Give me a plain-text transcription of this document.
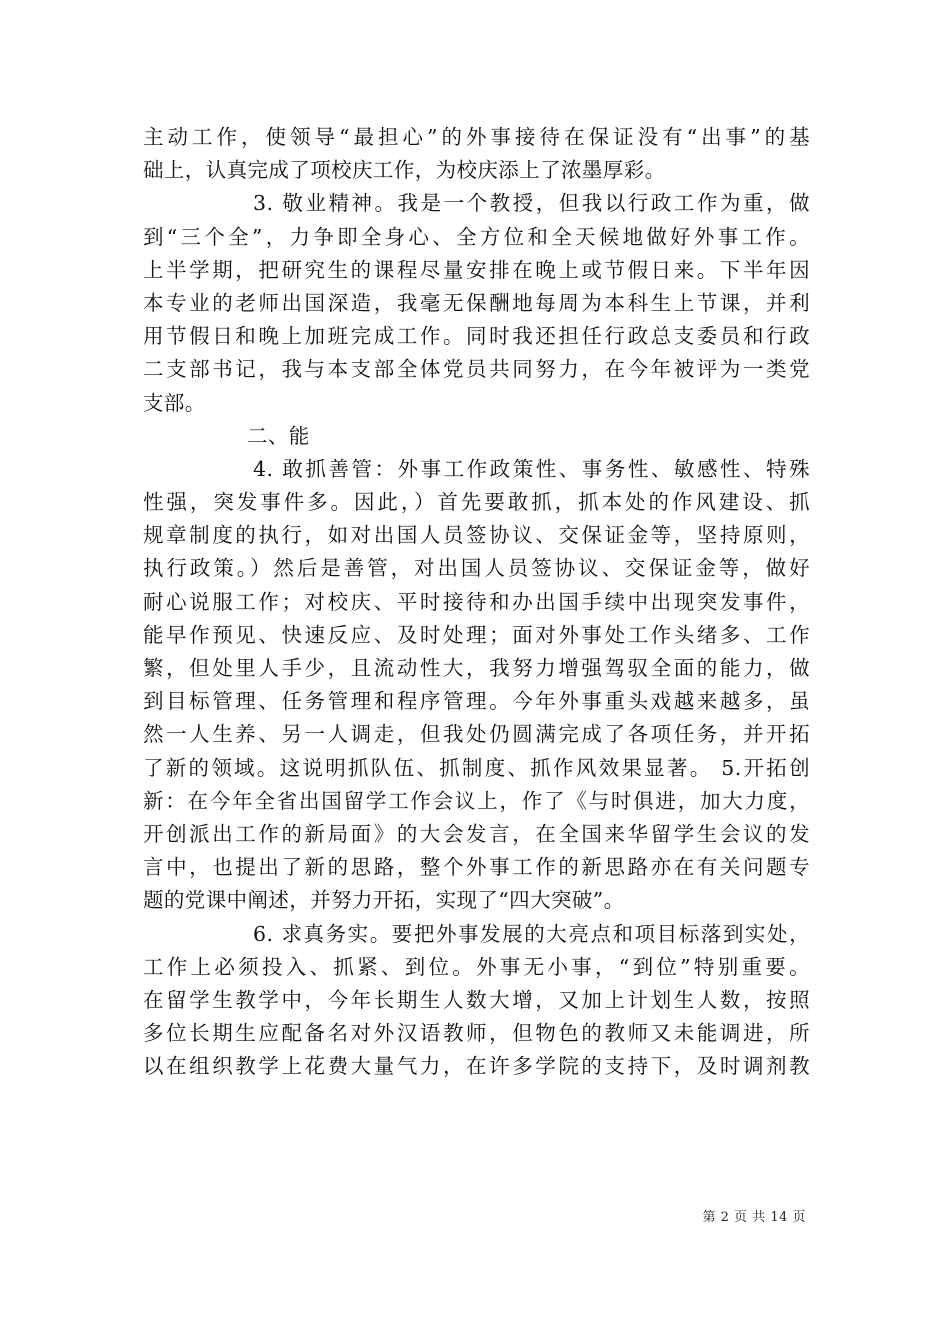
主动工作，使领导“最担心”的外事接待在保证没有“出事”的基
础上，认真完成了项校庆工作，为校庆添上了浓墨厚彩。
3. 敬业精神。我是一个教授，但我以行政工作为重，做
到“三个全”，力争即全身心、全方位和全天候地做好外事工作。
上半学期，把研究生的课程尽量安排在晚上或节假日来。下半年因
本专业的老师出国深造，我毫无保酬地每周为本科生上节课，并利
用节假日和晚上加班完成工作。同时我还担任行政总支委员和行政
二支部书记，我与本支部全体党员共同努力，在今年被评为一类党
支部。
二、能
4. 敢抓善管：外事工作政策性、事务性、敏感性、特殊
性强，突发事件多。因此，）首先要敢抓，抓本处的作风建设、抓
规章制度的执行，如对出国人员签协议、交保证金等，坚持原则，
执行政策。）然后是善管，对出国人员签协议、交保证金等，做好
耐心说服工作；对校庆、平时接待和办出国手续中出现突发事件，
能早作预见、快速反应、及时处理；面对外事处工作头绪多、工作
繁，但处里人手少，且流动性大，我努力增强驾驭全面的能力，做
到目标管理、任务管理和程序管理。今年外事重头戏越来越多，虽
然一人生养、另一人调走，但我处仍圆满完成了各项任务，并开拓
了新的领域。这说明抓队伍、抓制度、抓作风效果显著。 5.开拓创
新：在今年全省出国留学工作会议上，作了《与时俱进，加大力度，
开创派出工作的新局面》的大会发言，在全国来华留学生会议的发
言中，也提出了新的思路，整个外事工作的新思路亦在有关问题专
题的党课中阐述，并努力开拓，实现了“四大突破”。
6. 求真务实。要把外事发展的大亮点和项目标落到实处，
工作上必须投入、抓紧、到位。外事无小事，“到位”特别重要。
在留学生教学中，今年长期生人数大增，又加上计划生人数，按照
多位长期生应配备名对外汉语教师，但物色的教师又未能调进，所
以在组织教学上花费大量气力，在许多学院的支持下，及时调剂教
第 2 页 共 14 页
